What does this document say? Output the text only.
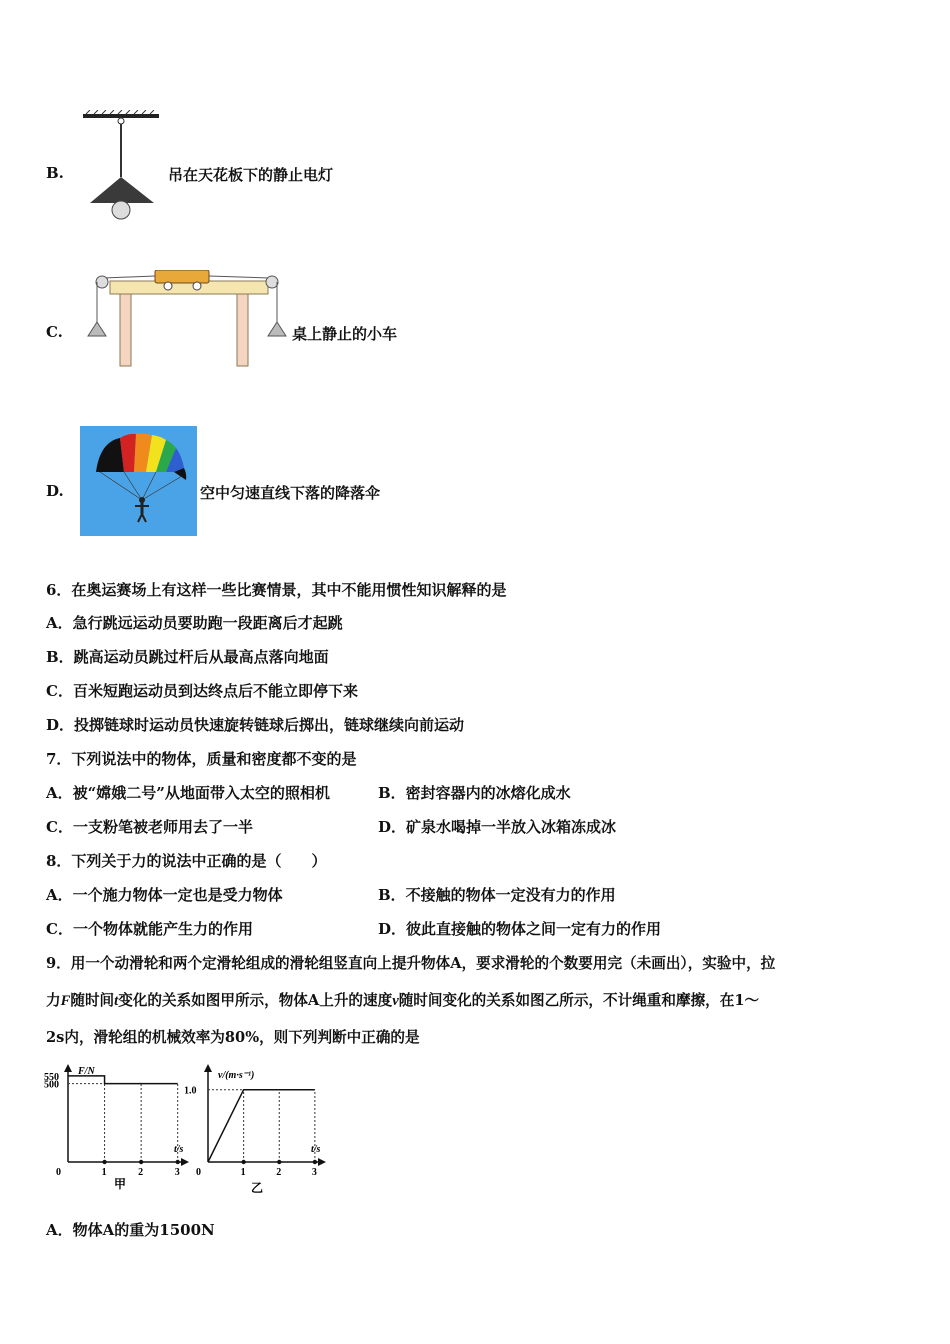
B.	吊在天花板下的静止电灯
C.	桌上静止的小车
D.	空中匀速直线下落的降落伞
6．在奥运赛场上有这样一些比赛情景，其中不能用惯性知识解释的是
A．急行跳远运动员要助跑一段距离后才起跳
B．跳高运动员跳过杆后从最高点落向地面
C．百米短跑运动员到达终点后不能立即停下来
D．投掷链球时运动员快速旋转链球后掷出，链球继续向前运动
7．下列说法中的物体，质量和密度都不变的是
A．被“嫦娥二号”从地面带入太空的照相机	B．密封容器内的冰熔化成水
C．一支粉笔被老师用去了一半	D．矿泉水喝掉一半放入冰箱冻成冰
8．下列关于力的说法中正确的是（　　）
A．一个施力物体一定也是受力物体	B．不接触的物体一定没有力的作用
C．一个物体就能产生力的作用	D．彼此直接触的物体之间一定有力的作用
9．用一个动滑轮和两个定滑轮组成的滑轮组竖直向上提升物体A，要求滑轮的个数要用完（未画出），实验中，拉
力F随时间t变化的关系如图甲所示，物体A上升的速度v随时间变化的关系如图乙所示，不计绳重和摩擦，在1～
2s内，滑轮组的机械效率为80%，则下列判断中正确的是
0	1	2	3
550
500
F/N
t/s
甲
0	1	2	3
1.0
v/(m·s⁻¹)
t/s
乙
A．物体A的重为1500N
